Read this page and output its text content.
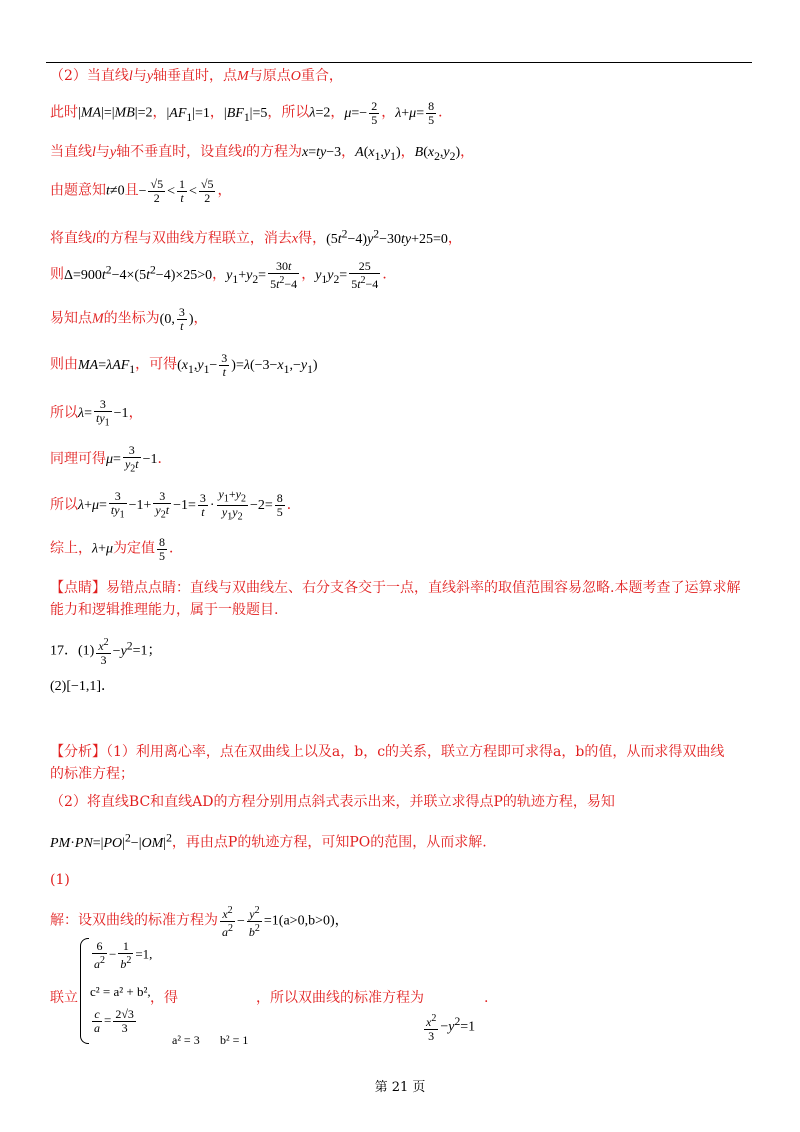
（2）当直线l与y轴垂直时，点M与原点O重合，
此时|MA|=|MB|=2，$|AF_1|=1$，$|BF_1|=5$，所以λ=2，$\mu=- \frac{2}{5}$ ，$\lambda+\mu= \frac{8}{5}$ ．
当直线l与y轴不垂直时，设直线l的方程为x=ty−3，$A(x_1,y_1)$，$B(x_2,y_2)$，
由题意知t≠0且− $\frac{√5}{2} < \frac{1}{t} < \frac{√5}{2}$ ，
将直线l的方程与双曲线方程联立，消去x得，$(5t^2-4)y^2-30ty+25=0$，
则$\Delta=900t^2-4\times(5t^2-4)\times 25>0$，$y_1+y_2= \frac{30t}{5t^2-4}$ ，$y_1y_2= \frac{25}{5t^2-4}$ ．
易知点M的坐标为(0, $\frac{3}{t}$ )，
则由MA=λAF$_1$，可得$(x_1,y_1- \frac{3}{t} )=\lambda(-3-x_1,-y_1)$
所以$\lambda= \frac{3}{ty_1} -1$，
同理可得$\mu= \frac{3}{y_2t} -1$．
所以$\lambda+\mu= \frac{3}{ty_1} -1+ \frac{3}{y_2t} -1= \frac{3}{t} \cdot \frac{y_1+y_2}{y_1y_2} -2= \frac{8}{5}$ ．
综上，λ+μ为定值 $\frac{8}{5}$ ．
【点睛】易错点点睛：直线与双曲线左、右分支各交于一点，直线斜率的取值范围容易忽略.本题考查了运算求解
能力和逻辑推理能力，属于一般题目.
17．$(1) \frac{x^2}{3} -y^2=1$；
(2)[−1,1]．
【分析】（1）利用离心率，点在双曲线上以及a，b，c的关系，联立方程即可求得a，b的值，从而求得双曲线
的标准方程；
（2）将直线BC和直线AD的方程分别用点斜式表示出来，并联立求得点P的轨迹方程，易知
$PM\cdot PN=|PO|^2-|OM|^2$，再由点P的轨迹方程，可知PO的范围，从而求解.
(1)
解：设双曲线的标准方程为 $\frac{x^2}{a^2} - \frac{y^2}{b^2} =1(a>0,b>0)$，
$\frac{6}{a^2} - \frac{1}{b^2} =1$,
c² = a² + b²,
$\frac{c}{a} = \frac{2√3}{3}$
联立	，得	，所以双曲线的标准方程为	.
a² = 3 b² = 1	$\frac{x^2}{3} -y^2=1$
第 21 页
